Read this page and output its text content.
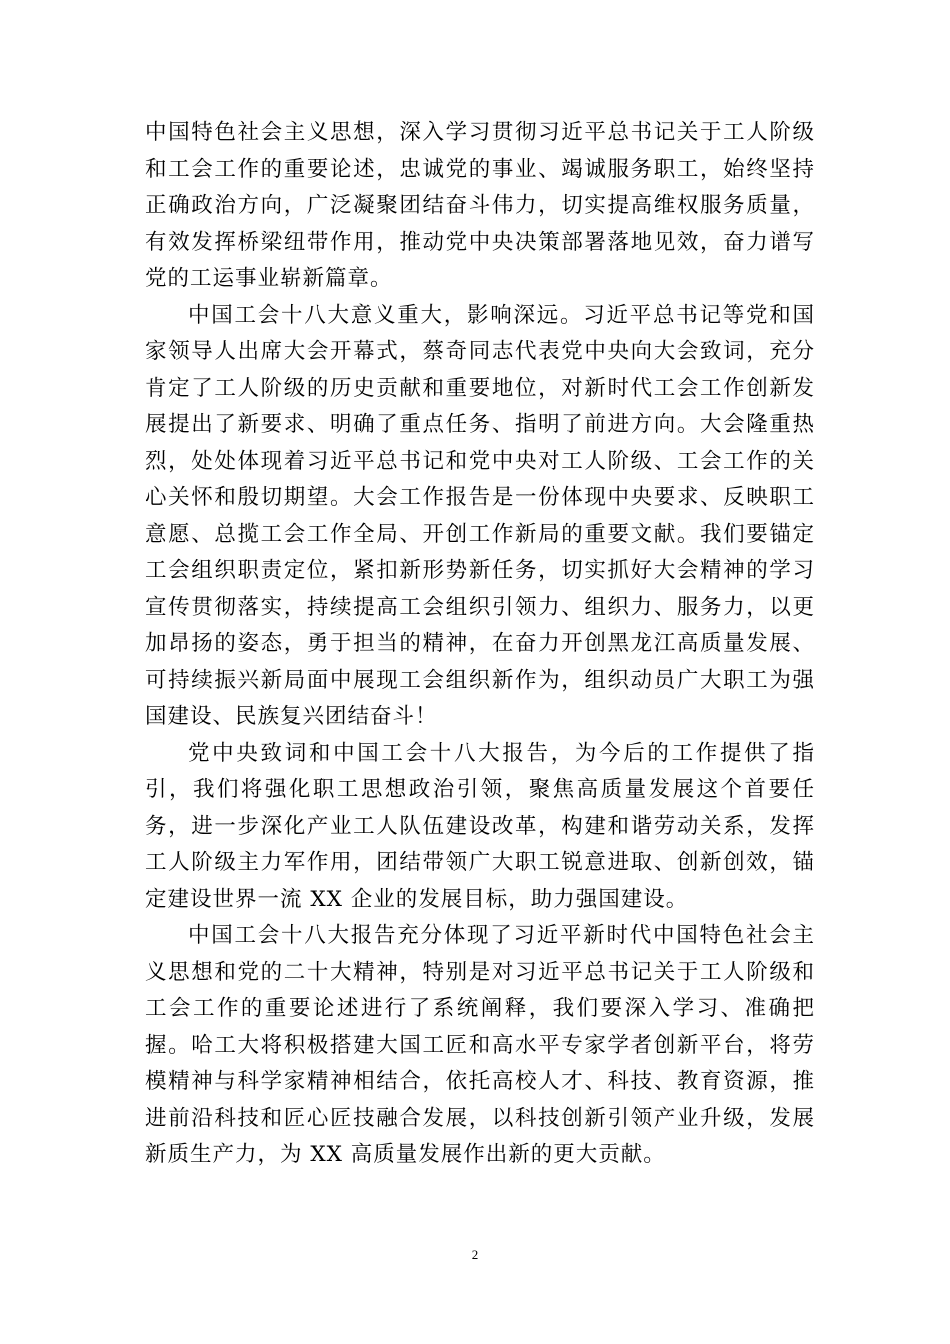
中国特色社会主义思想，深入学习贯彻习近平总书记关于工人阶级和工会工作的重要论述，忠诚党的事业、竭诚服务职工，始终坚持正确政治方向，广泛凝聚团结奋斗伟力，切实提高维权服务质量，有效发挥桥梁纽带作用，推动党中央决策部署落地见效，奋力谱写党的工运事业崭新篇章。

中国工会十八大意义重大，影响深远。习近平总书记等党和国家领导人出席大会开幕式，蔡奇同志代表党中央向大会致词，充分肯定了工人阶级的历史贡献和重要地位，对新时代工会工作创新发展提出了新要求、明确了重点任务、指明了前进方向。大会隆重热烈，处处体现着习近平总书记和党中央对工人阶级、工会工作的关心关怀和殷切期望。大会工作报告是一份体现中央要求、反映职工意愿、总揽工会工作全局、开创工作新局的重要文献。我们要锚定工会组织职责定位，紧扣新形势新任务，切实抓好大会精神的学习宣传贯彻落实，持续提高工会组织引领力、组织力、服务力，以更加昂扬的姿态，勇于担当的精神，在奋力开创黑龙江高质量发展、可持续振兴新局面中展现工会组织新作为，组织动员广大职工为强国建设、民族复兴团结奋斗！

党中央致词和中国工会十八大报告，为今后的工作提供了指引，我们将强化职工思想政治引领，聚焦高质量发展这个首要任务，进一步深化产业工人队伍建设改革，构建和谐劳动关系，发挥工人阶级主力军作用，团结带领广大职工锐意进取、创新创效，锚定建设世界一流 XX 企业的发展目标，助力强国建设。

中国工会十八大报告充分体现了习近平新时代中国特色社会主义思想和党的二十大精神，特别是对习近平总书记关于工人阶级和工会工作的重要论述进行了系统阐释，我们要深入学习、准确把握。哈工大将积极搭建大国工匠和高水平专家学者创新平台，将劳模精神与科学家精神相结合，依托高校人才、科技、教育资源，推进前沿科技和匠心匠技融合发展，以科技创新引领产业升级，发展新质生产力，为 XX 高质量发展作出新的更大贡献。

2
